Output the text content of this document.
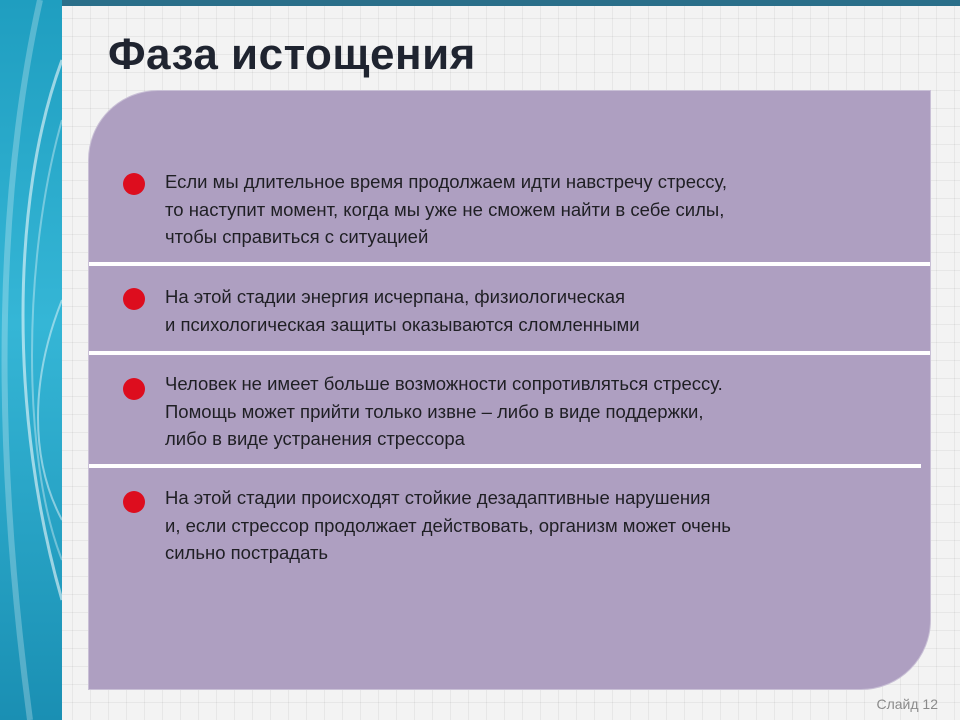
Фаза истощения
Если мы длительное время продолжаем идти навстречу стрессу,
то наступит момент, когда мы уже не сможем найти в себе силы,
чтобы справиться с ситуацией
На этой стадии энергия исчерпана, физиологическая
и психологическая защиты оказываются сломленными
Человек не имеет больше возможности сопротивляться стрессу.
Помощь может прийти только извне – либо в виде поддержки,
либо в виде устранения стрессора
На этой стадии происходят стойкие дезадаптивные нарушения
и, если стрессор продолжает действовать, организм может очень
сильно пострадать
Слайд 12
